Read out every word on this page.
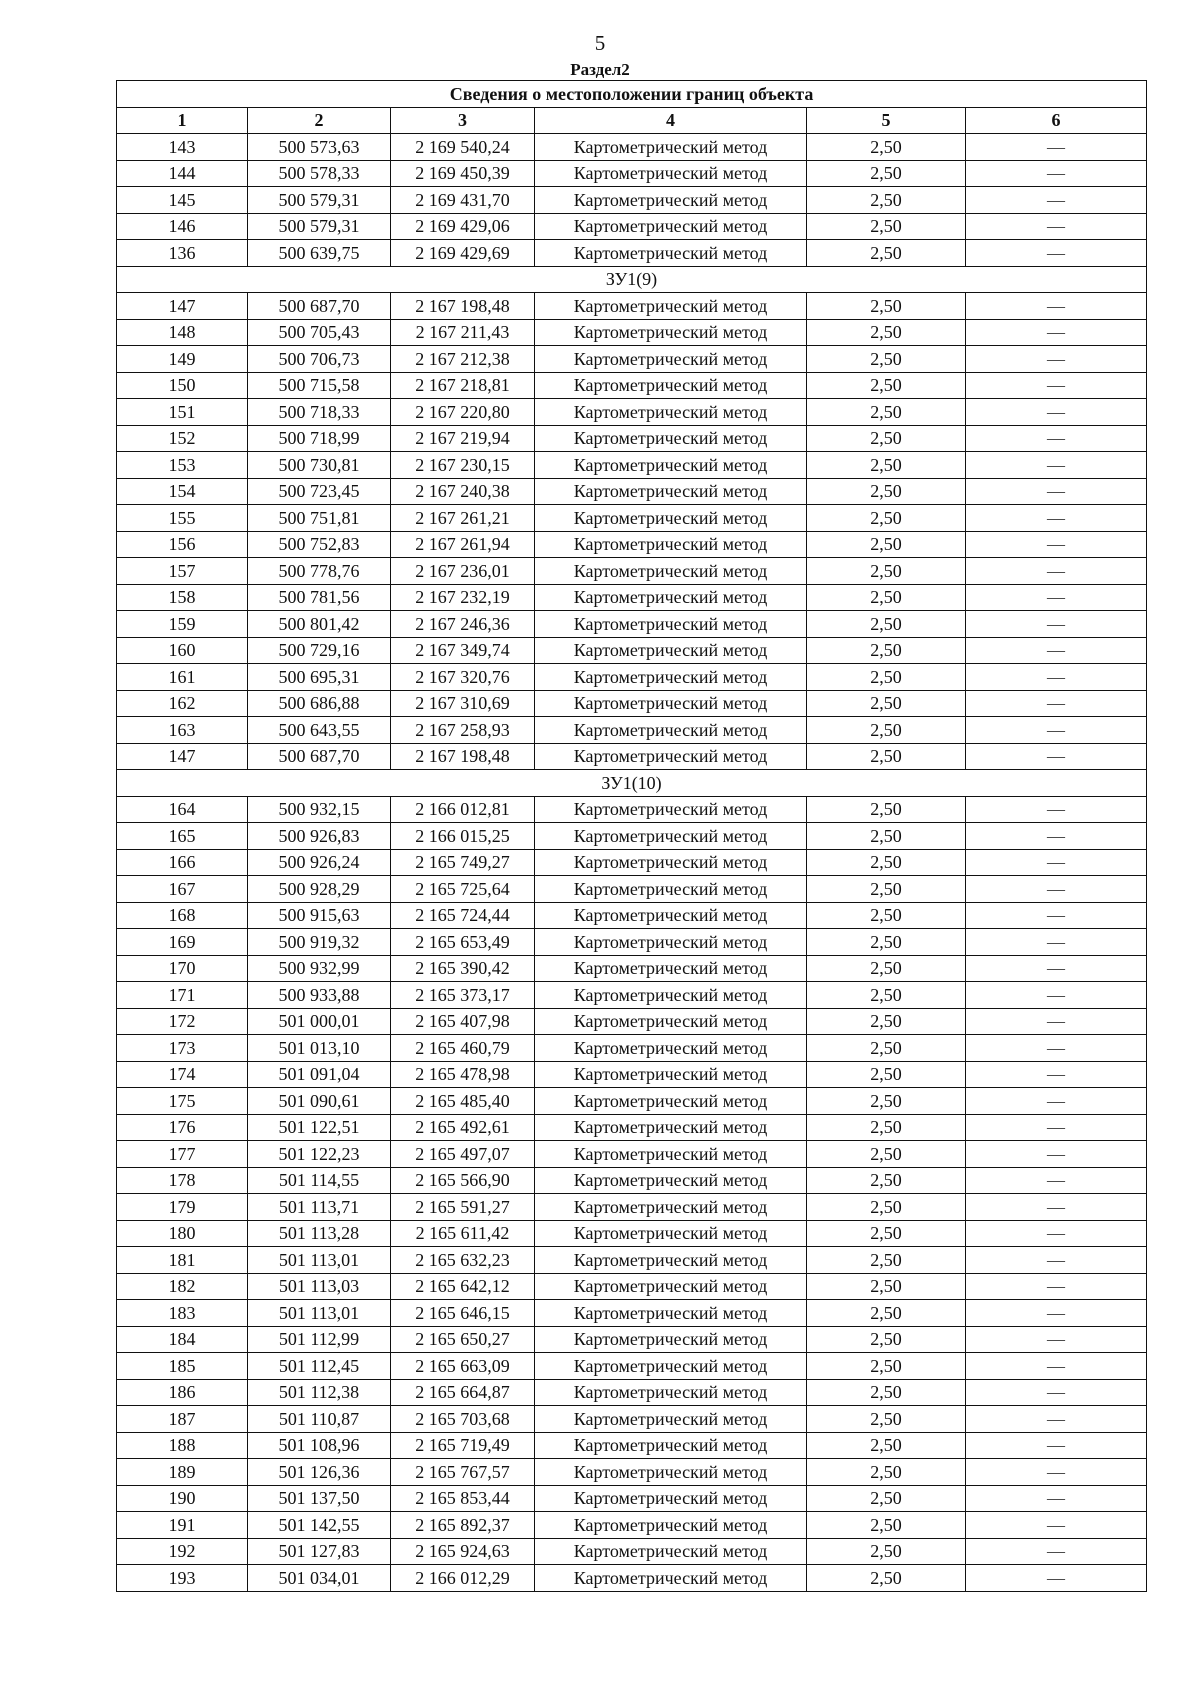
5
Раздел2
Сведения о местоположении границ объекта					
1	2	3	4	5	6
143	500 573,63	2 169 540,24	Картометрический метод	2,50	—
144	500 578,33	2 169 450,39	Картометрический метод	2,50	—
145	500 579,31	2 169 431,70	Картометрический метод	2,50	—
146	500 579,31	2 169 429,06	Картометрический метод	2,50	—
136	500 639,75	2 169 429,69	Картометрический метод	2,50	—
ЗУ1(9)					
147	500 687,70	2 167 198,48	Картометрический метод	2,50	—
148	500 705,43	2 167 211,43	Картометрический метод	2,50	—
149	500 706,73	2 167 212,38	Картометрический метод	2,50	—
150	500 715,58	2 167 218,81	Картометрический метод	2,50	—
151	500 718,33	2 167 220,80	Картометрический метод	2,50	—
152	500 718,99	2 167 219,94	Картометрический метод	2,50	—
153	500 730,81	2 167 230,15	Картометрический метод	2,50	—
154	500 723,45	2 167 240,38	Картометрический метод	2,50	—
155	500 751,81	2 167 261,21	Картометрический метод	2,50	—
156	500 752,83	2 167 261,94	Картометрический метод	2,50	—
157	500 778,76	2 167 236,01	Картометрический метод	2,50	—
158	500 781,56	2 167 232,19	Картометрический метод	2,50	—
159	500 801,42	2 167 246,36	Картометрический метод	2,50	—
160	500 729,16	2 167 349,74	Картометрический метод	2,50	—
161	500 695,31	2 167 320,76	Картометрический метод	2,50	—
162	500 686,88	2 167 310,69	Картометрический метод	2,50	—
163	500 643,55	2 167 258,93	Картометрический метод	2,50	—
147	500 687,70	2 167 198,48	Картометрический метод	2,50	—
ЗУ1(10)					
164	500 932,15	2 166 012,81	Картометрический метод	2,50	—
165	500 926,83	2 166 015,25	Картометрический метод	2,50	—
166	500 926,24	2 165 749,27	Картометрический метод	2,50	—
167	500 928,29	2 165 725,64	Картометрический метод	2,50	—
168	500 915,63	2 165 724,44	Картометрический метод	2,50	—
169	500 919,32	2 165 653,49	Картометрический метод	2,50	—
170	500 932,99	2 165 390,42	Картометрический метод	2,50	—
171	500 933,88	2 165 373,17	Картометрический метод	2,50	—
172	501 000,01	2 165 407,98	Картометрический метод	2,50	—
173	501 013,10	2 165 460,79	Картометрический метод	2,50	—
174	501 091,04	2 165 478,98	Картометрический метод	2,50	—
175	501 090,61	2 165 485,40	Картометрический метод	2,50	—
176	501 122,51	2 165 492,61	Картометрический метод	2,50	—
177	501 122,23	2 165 497,07	Картометрический метод	2,50	—
178	501 114,55	2 165 566,90	Картометрический метод	2,50	—
179	501 113,71	2 165 591,27	Картометрический метод	2,50	—
180	501 113,28	2 165 611,42	Картометрический метод	2,50	—
181	501 113,01	2 165 632,23	Картометрический метод	2,50	—
182	501 113,03	2 165 642,12	Картометрический метод	2,50	—
183	501 113,01	2 165 646,15	Картометрический метод	2,50	—
184	501 112,99	2 165 650,27	Картометрический метод	2,50	—
185	501 112,45	2 165 663,09	Картометрический метод	2,50	—
186	501 112,38	2 165 664,87	Картометрический метод	2,50	—
187	501 110,87	2 165 703,68	Картометрический метод	2,50	—
188	501 108,96	2 165 719,49	Картометрический метод	2,50	—
189	501 126,36	2 165 767,57	Картометрический метод	2,50	—
190	501 137,50	2 165 853,44	Картометрический метод	2,50	—
191	501 142,55	2 165 892,37	Картометрический метод	2,50	—
192	501 127,83	2 165 924,63	Картометрический метод	2,50	—
193	501 034,01	2 166 012,29	Картометрический метод	2,50	—
